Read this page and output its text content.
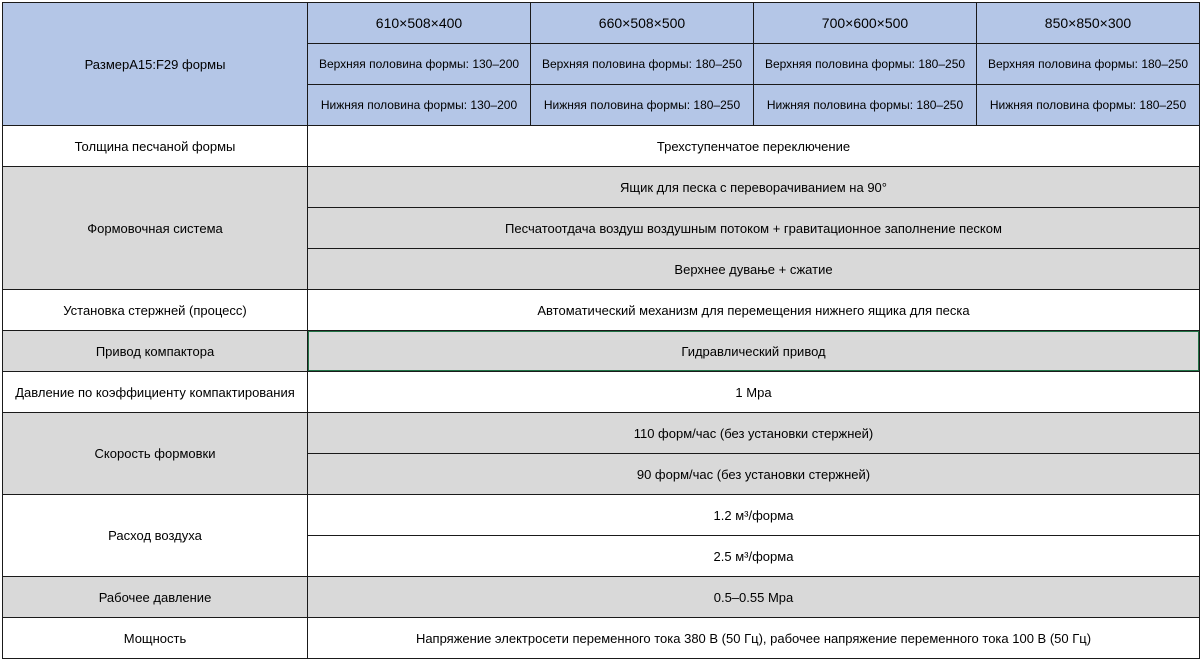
РазмерA15:F29 формы	610×508×400	660×508×500	700×600×500	850×850×300
	Верхняя половина формы: 130–200	Верхняя половина формы: 180–250	Верхняя половина формы: 180–250	Верхняя половина формы: 180–250
	Нижняя половина формы: 130–200	Нижняя половина формы: 180–250	Нижняя половина формы: 180–250	Нижняя половина формы: 180–250
Толщина песчаной формы	Трехступенчатое переключение			
Формовочная система	Ящик для песка с переворачиванием на 90°			
	Песчатоотдача воздуш воздушным потоком + гравитационное заполнение песком			
	Верхнее дување + сжатие			
Установка стержней (процесс)	Автоматический механизм для перемещения нижнего ящика для песка			
Привод компактора	Гидравлический привод			
Давление по коэффициенту компактирования	1 Mpa			
Скорость формовки	110 форм/час (без установки стержней)			
	90 форм/час (без установки стержней)			
Расход воздуха	1.2 м³/форма			
	2.5 м³/форма			
Рабочее давление	0.5–0.55 Mpa			
Мощность	Напряжение электросети переменного тока 380 В (50 Гц), рабочее напряжение переменного тока 100 В (50 Гц)			
